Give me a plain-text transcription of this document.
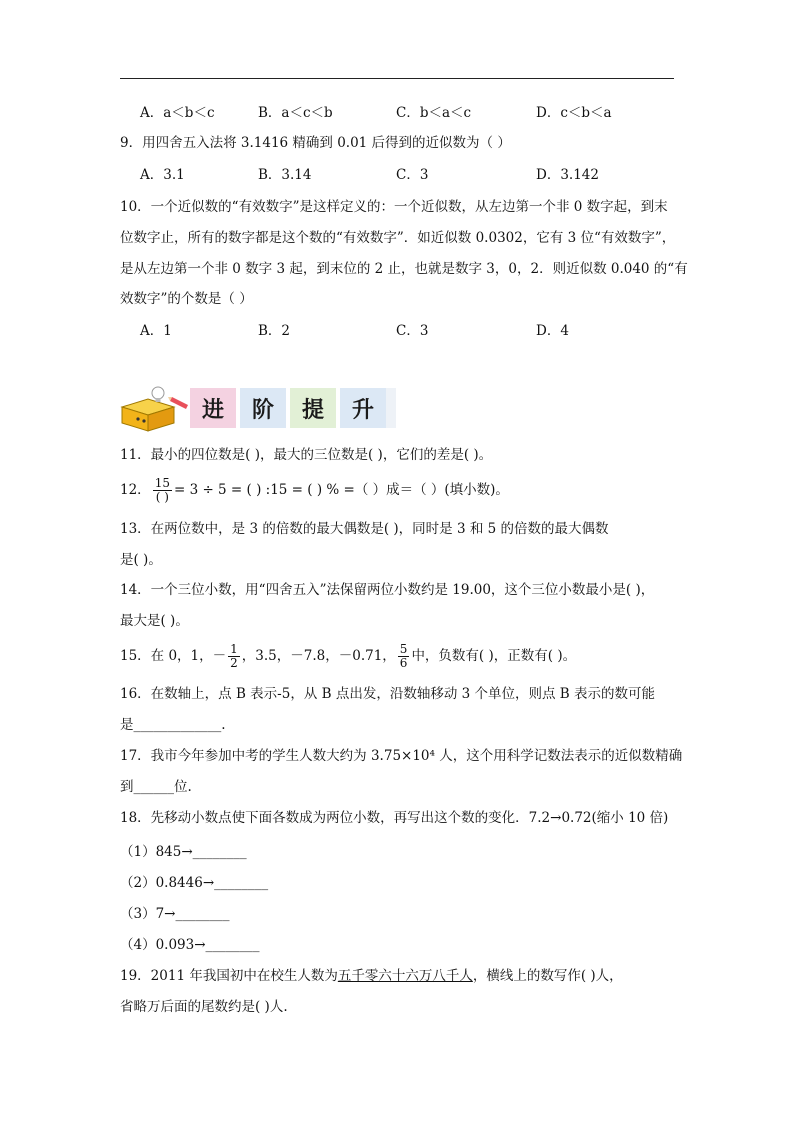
A．a＜b＜c	B．a＜c＜b	C．b＜a＜c	D．c＜b＜a
9．用四舍五入法将 3.1416 精确到 0.01 后得到的近似数为（ ）
A．3.1	B．3.14	C．3	D．3.142
10．一个近似数的“有效数字”是这样定义的：一个近似数，从左边第一个非 0 数字起，到末
位数字止，所有的数字都是这个数的“有效数字”．如近似数 0.0302，它有 3 位“有效数字”，
是从左边第一个非 0 数字 3 起，到末位的 2 止，也就是数字 3，0，2．则近似数 0.040 的“有
效数字”的个数是（ ）
A．1	B．2	C．3	D．4
进	阶	提	升
11．最小的四位数是( )，最大的三位数是( )，它们的差是( )。
12． $\frac{15}{( )} = 3 \div 5$ = ( ) :15 = ( ) % =（ ）成＝（ ）(填小数)。
13．在两位数中，是 3 的倍数的最大偶数是( )，同时是 3 和 5 的倍数的最大偶数
是( )。
14．一个三位小数，用“四舍五入”法保留两位小数约是 19.00，这个三位小数最小是( )，
最大是( )。
15．在 0，1，－ $\frac{1}{2}$ ，3.5，－7.8，－0.71， $\frac{5}{6}$ 中，负数有( )，正数有( )。
16．在数轴上，点 B 表示-5，从 B 点出发，沿数轴移动 3 个单位，则点 B 表示的数可能
是_____________.
17．我市今年参加中考的学生人数大约为 3.75×10⁴ 人，这个用科学记数法表示的近似数精确
到______位.
18．先移动小数点使下面各数成为两位小数，再写出这个数的变化．7.2→0.72(缩小 10 倍)
（1）845→________
（2）0.8446→________
（3）7→________
（4）0.093→________
19．2011 年我国初中在校生人数为五千零六十六万八千人，横线上的数写作( )人，
省略万后面的尾数约是( )人.
